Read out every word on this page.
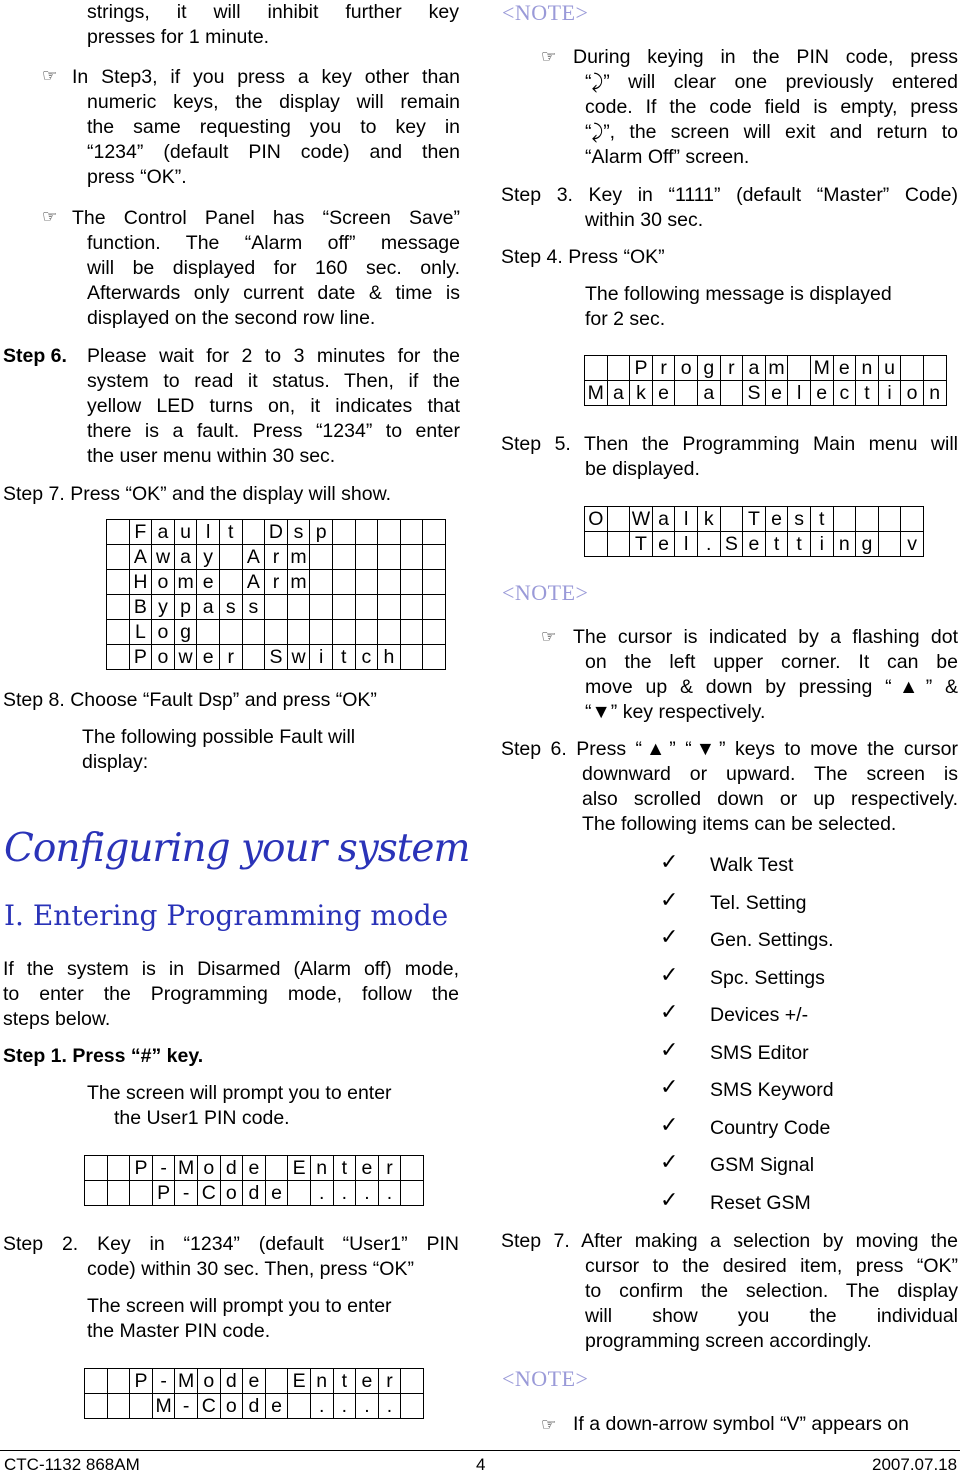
strings, it will inhibit further key
presses for 1 minute.
☞ In Step3, if you press a key other than
numeric keys, the display will remain
the same requesting you to key in
“1234” (default PIN code) and then
press “OK”.
☞ The Control Panel has “Screen Save”
function. The “Alarm off” message
will be displayed for 160 sec. only.
Afterwards only current date & time is
displayed on the second row line.
Step 6. Please wait for 2 to 3 minutes for the
system to read it status. Then, if the
yellow LED turns on, it indicates that
there is a fault. Press “1234” to enter
the user menu within 30 sec.
Step 7. Press “OK” and the display will show.
	F	a	u	l	t		D	s	p					
	A	w	a	y		A	r	m						
	H	o	m	e		A	r	m						
	B	y	p	a	s	s								
	L	o	g											
	P	o	w	e	r		S	w	i	t	c	h		
Step 8. Choose “Fault Dsp” and press “OK”
The following possible Fault will
display:
Configuring your system
I. Entering Programming mode
If the system is in Disarmed (Alarm off) mode,
to enter the Programming mode, follow the
steps below.
Step 1. Press “#” key.
The screen will prompt you to enter
the User1 PIN code.
		P	-	M	o	d	e		E	n	t	e	r	
			P	-	C	o	d	e		.	.	.	.	
Step 2. Key in “1234” (default “User1” PIN
code) within 30 sec. Then, press “OK”
The screen will prompt you to enter
the Master PIN code.
		P	-	M	o	d	e		E	n	t	e	r	
			M	-	C	o	d	e		.	.	.	.	
<NOTE>
☞ During keying in the PIN code, press
“⤸” will clear one previously entered
code. If the code field is empty, press
“⤸”, the screen will exit and return to
“Alarm Off” screen.
Step 3. Key in “1111” (default “Master” Code)
within 30 sec.
Step 4. Press “OK”
The following message is displayed
for 2 sec.
		P	r	o	g	r	a	m		M	e	n	u		
M	a	k	e		a		S	e	l	e	c	t	i	o	n
Step 5. Then the Programming Main menu will
be displayed.
O		W	a	l	k		T	e	s	t				
		T	e	l	.	S	e	t	t	i	n	g		v
<NOTE>
☞ The cursor is indicated by a flashing dot
on the left upper corner. It can be
move up & down by pressing “▲” &
“▼” key respectively.
Step 6. Press “▲” “▼” keys to move the cursor
downward or upward. The screen is
also scrolled down or up respectively.
The following items can be selected.
✓ Walk Test
✓ Tel. Setting
✓ Gen. Settings.
✓ Spc. Settings
✓ Devices +/-
✓ SMS Editor
✓ SMS Keyword
✓ Country Code
✓ GSM Signal
✓ Reset GSM
Step 7. After making a selection by moving the
cursor to the desired item, press “OK”
to confirm the selection. The display
will show you the individual
programming screen accordingly.
<NOTE>
☞ If a down-arrow symbol “V” appears on
CTC-1132 868AM	4	2007.07.18
